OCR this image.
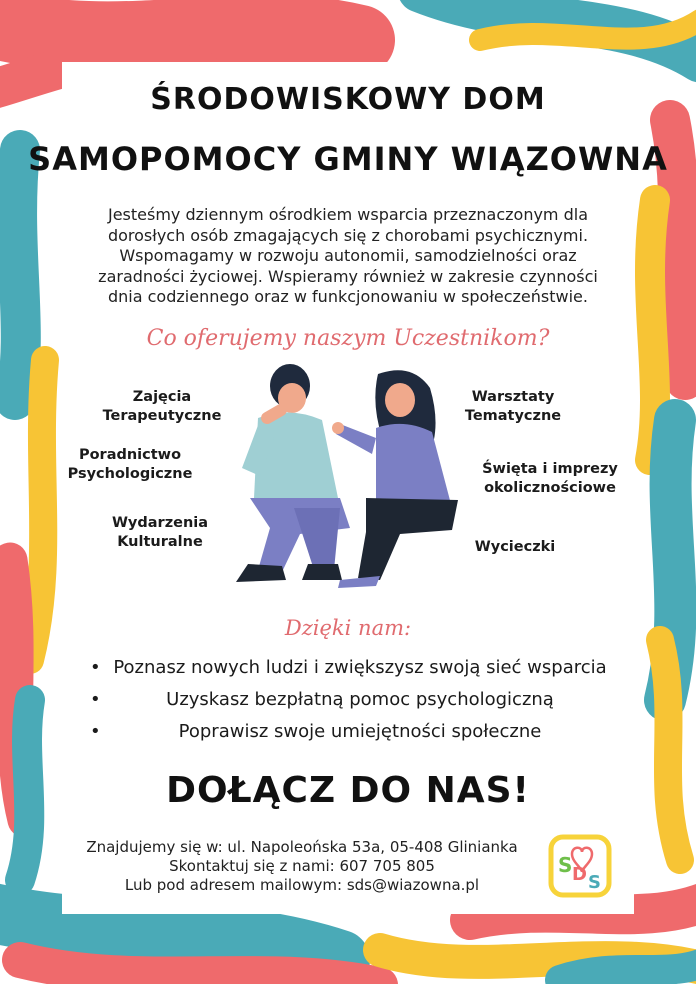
ŚRODOWISKOWY DOM
SAMOPOMOCY GMINY WIĄZOWNA
Jesteśmy dziennym ośrodkiem wsparcia przeznaczonym dla
dorosłych osób zmagających się z chorobami psychicznymi.
Wspomagamy w rozwoju autonomii, samodzielności oraz
zaradności życiowej. Wspieramy również w zakresie czynności
dnia codziennego oraz w funkcjonowaniu w społeczeństwie.
Co oferujemy naszym Uczestnikom?
Zajęcia
Terapeutyczne
Poradnictwo
Psychologiczne
Wydarzenia
Kulturalne
Warsztaty
Tematyczne
Święta i imprezy
okolicznościowe
Wycieczki
Dzięki nam:
• Poznasz nowych ludzi i zwiększysz swoją sieć wsparcia
•	Uzyskasz bezpłatną pomoc psychologiczną
•	Poprawisz swoje umiejętności społeczne
DOŁĄCZ DO NAS!
Znajdujemy się w: ul. Napoleońska 53a, 05-408 Glinianka
Skontaktuj się z nami: 607 705 805
Lub pod adresem mailowym: sds@wiazowna.pl
S D S
